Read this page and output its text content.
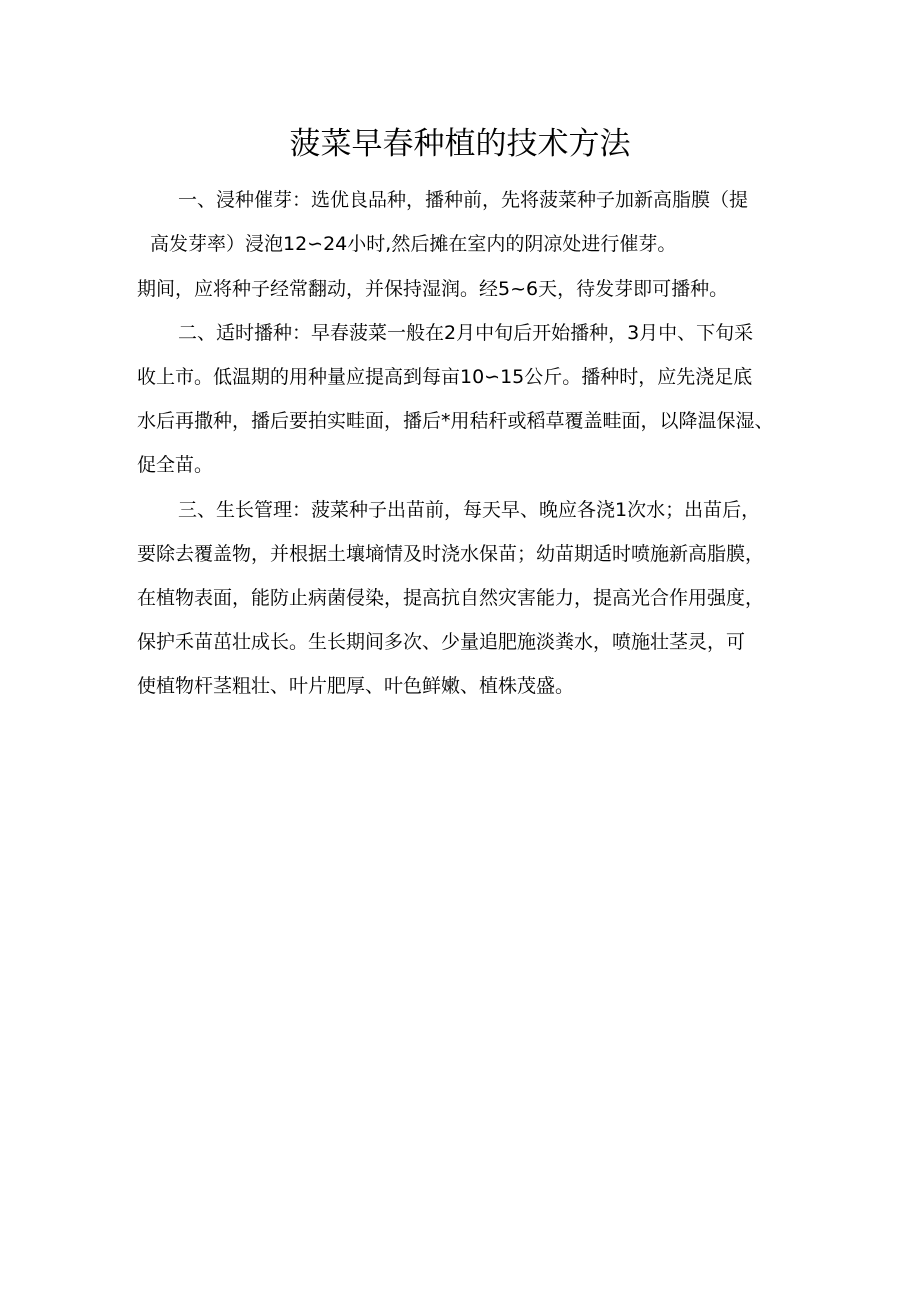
菠菜早春种植的技术方法

一、浸种催芽：选优良品种，播种前，先将菠菜种子加新高脂膜（提

高发芽率）浸泡12∽24小时,然后摊在室内的阴凉处进行催芽。

期间，应将种子经常翻动，并保持湿润。经5~6天，待发芽即可播种。

二、适时播种：早春菠菜一般在2月中旬后开始播种，3月中、下旬采

收上市。低温期的用种量应提高到每亩10∽15公斤。播种时，应先浇足底

水后再撒种，播后要拍实畦面，播后*用秸秆或稻草覆盖畦面，以降温保湿、

促全苗。

三、生长管理：菠菜种子出苗前，每天早、晚应各浇1次水；出苗后，

要除去覆盖物，并根据土壤墒情及时浇水保苗；幼苗期适时喷施新高脂膜，

在植物表面，能防止病菌侵染，提高抗自然灾害能力，提高光合作用强度，

保护禾苗茁壮成长。生长期间多次、少量追肥施淡粪水，喷施壮茎灵，可

使植物杆茎粗壮、叶片肥厚、叶色鲜嫩、植株茂盛。
